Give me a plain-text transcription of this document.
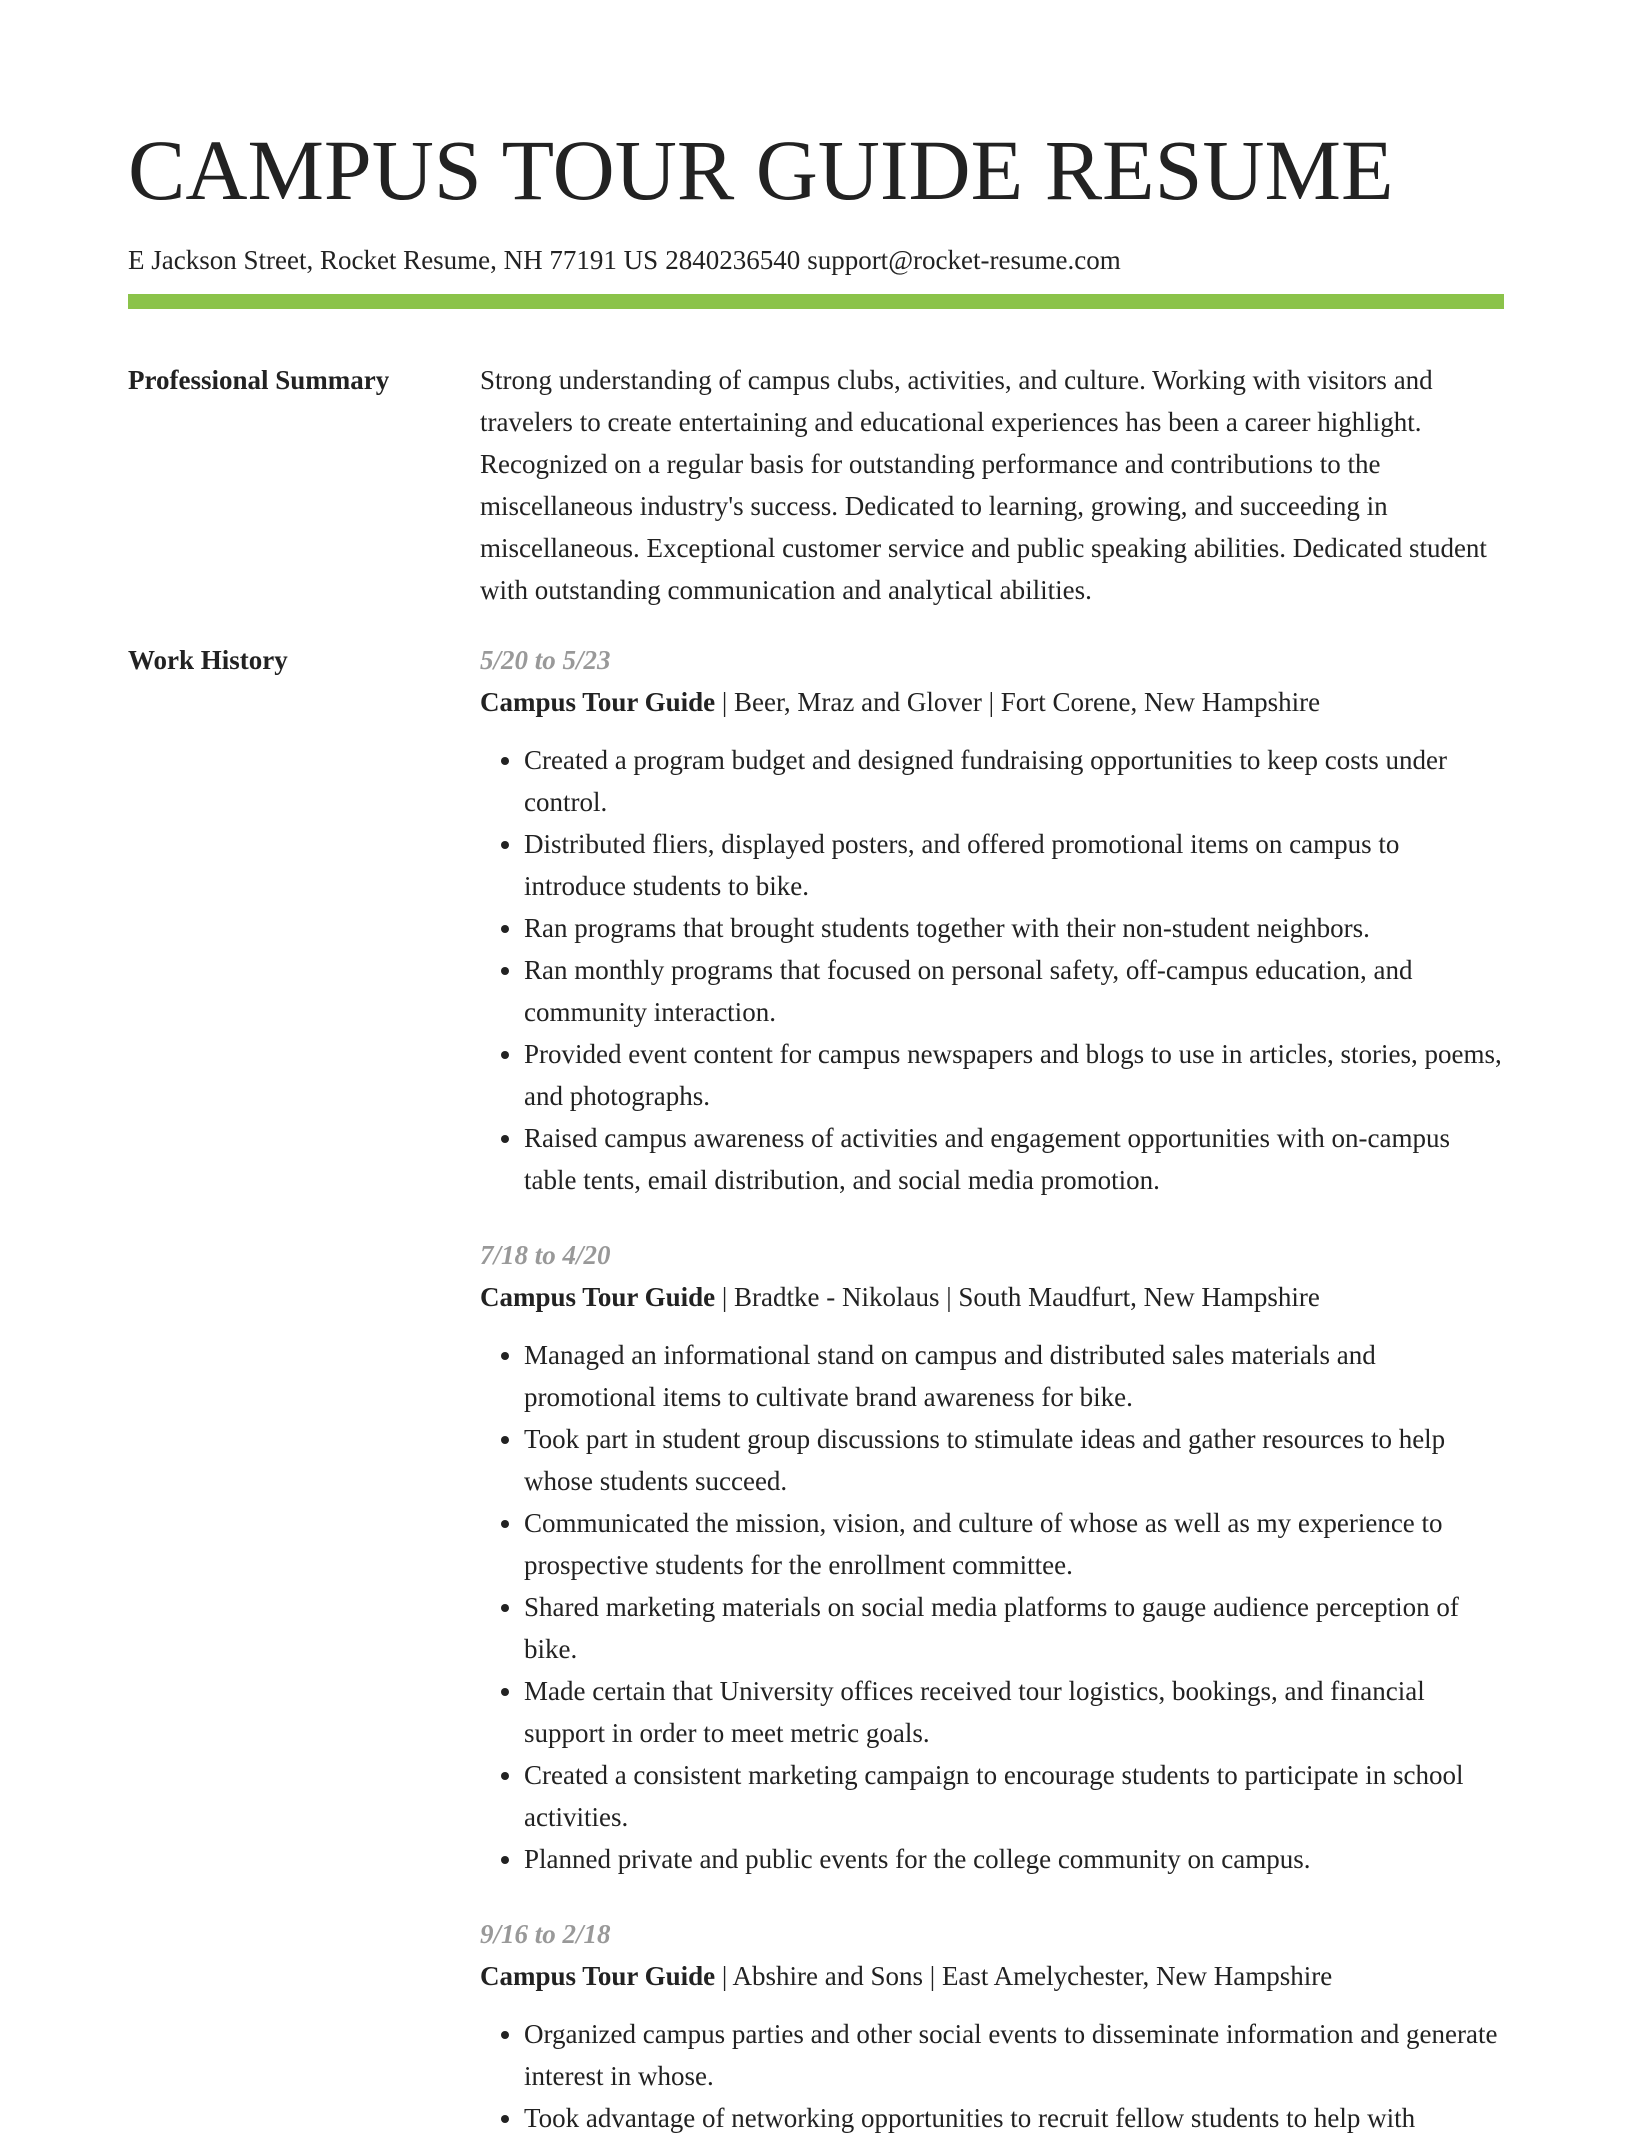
CAMPUS TOUR GUIDE RESUME
E Jackson Street, Rocket Resume, NH 77191 US 2840236540 support@rocket-resume.com
Professional Summary	Strong understanding of campus clubs, activities, and culture. Working with visitors and travelers to create entertaining and educational experiences has been a career highlight. Recognized on a regular basis for outstanding performance and contributions to the miscellaneous industry's success. Dedicated to learning, growing, and succeeding in miscellaneous. Exceptional customer service and public speaking abilities. Dedicated student with outstanding communication and analytical abilities.

Work History	5/20 to 5/23
Campus Tour Guide | Beer, Mraz and Glover | Fort Corene, New Hampshire
• Created a program budget and designed fundraising opportunities to keep costs under control.
• Distributed fliers, displayed posters, and offered promotional items on campus to introduce students to bike.
• Ran programs that brought students together with their non-student neighbors.
• Ran monthly programs that focused on personal safety, off-campus education, and community interaction.
• Provided event content for campus newspapers and blogs to use in articles, stories, poems, and photographs.
• Raised campus awareness of activities and engagement opportunities with on-campus table tents, email distribution, and social media promotion.
7/18 to 4/20
Campus Tour Guide | Bradtke - Nikolaus | South Maudfurt, New Hampshire
• Managed an informational stand on campus and distributed sales materials and promotional items to cultivate brand awareness for bike.
• Took part in student group discussions to stimulate ideas and gather resources to help whose students succeed.
• Communicated the mission, vision, and culture of whose as well as my experience to prospective students for the enrollment committee.
• Shared marketing materials on social media platforms to gauge audience perception of bike.
• Made certain that University offices received tour logistics, bookings, and financial support in order to meet metric goals.
• Created a consistent marketing campaign to encourage students to participate in school activities.
• Planned private and public events for the college community on campus.
9/16 to 2/18
Campus Tour Guide | Abshire and Sons | East Amelychester, New Hampshire
• Organized campus parties and other social events to disseminate information and generate interest in whose.
• Took advantage of networking opportunities to recruit fellow students to help with
